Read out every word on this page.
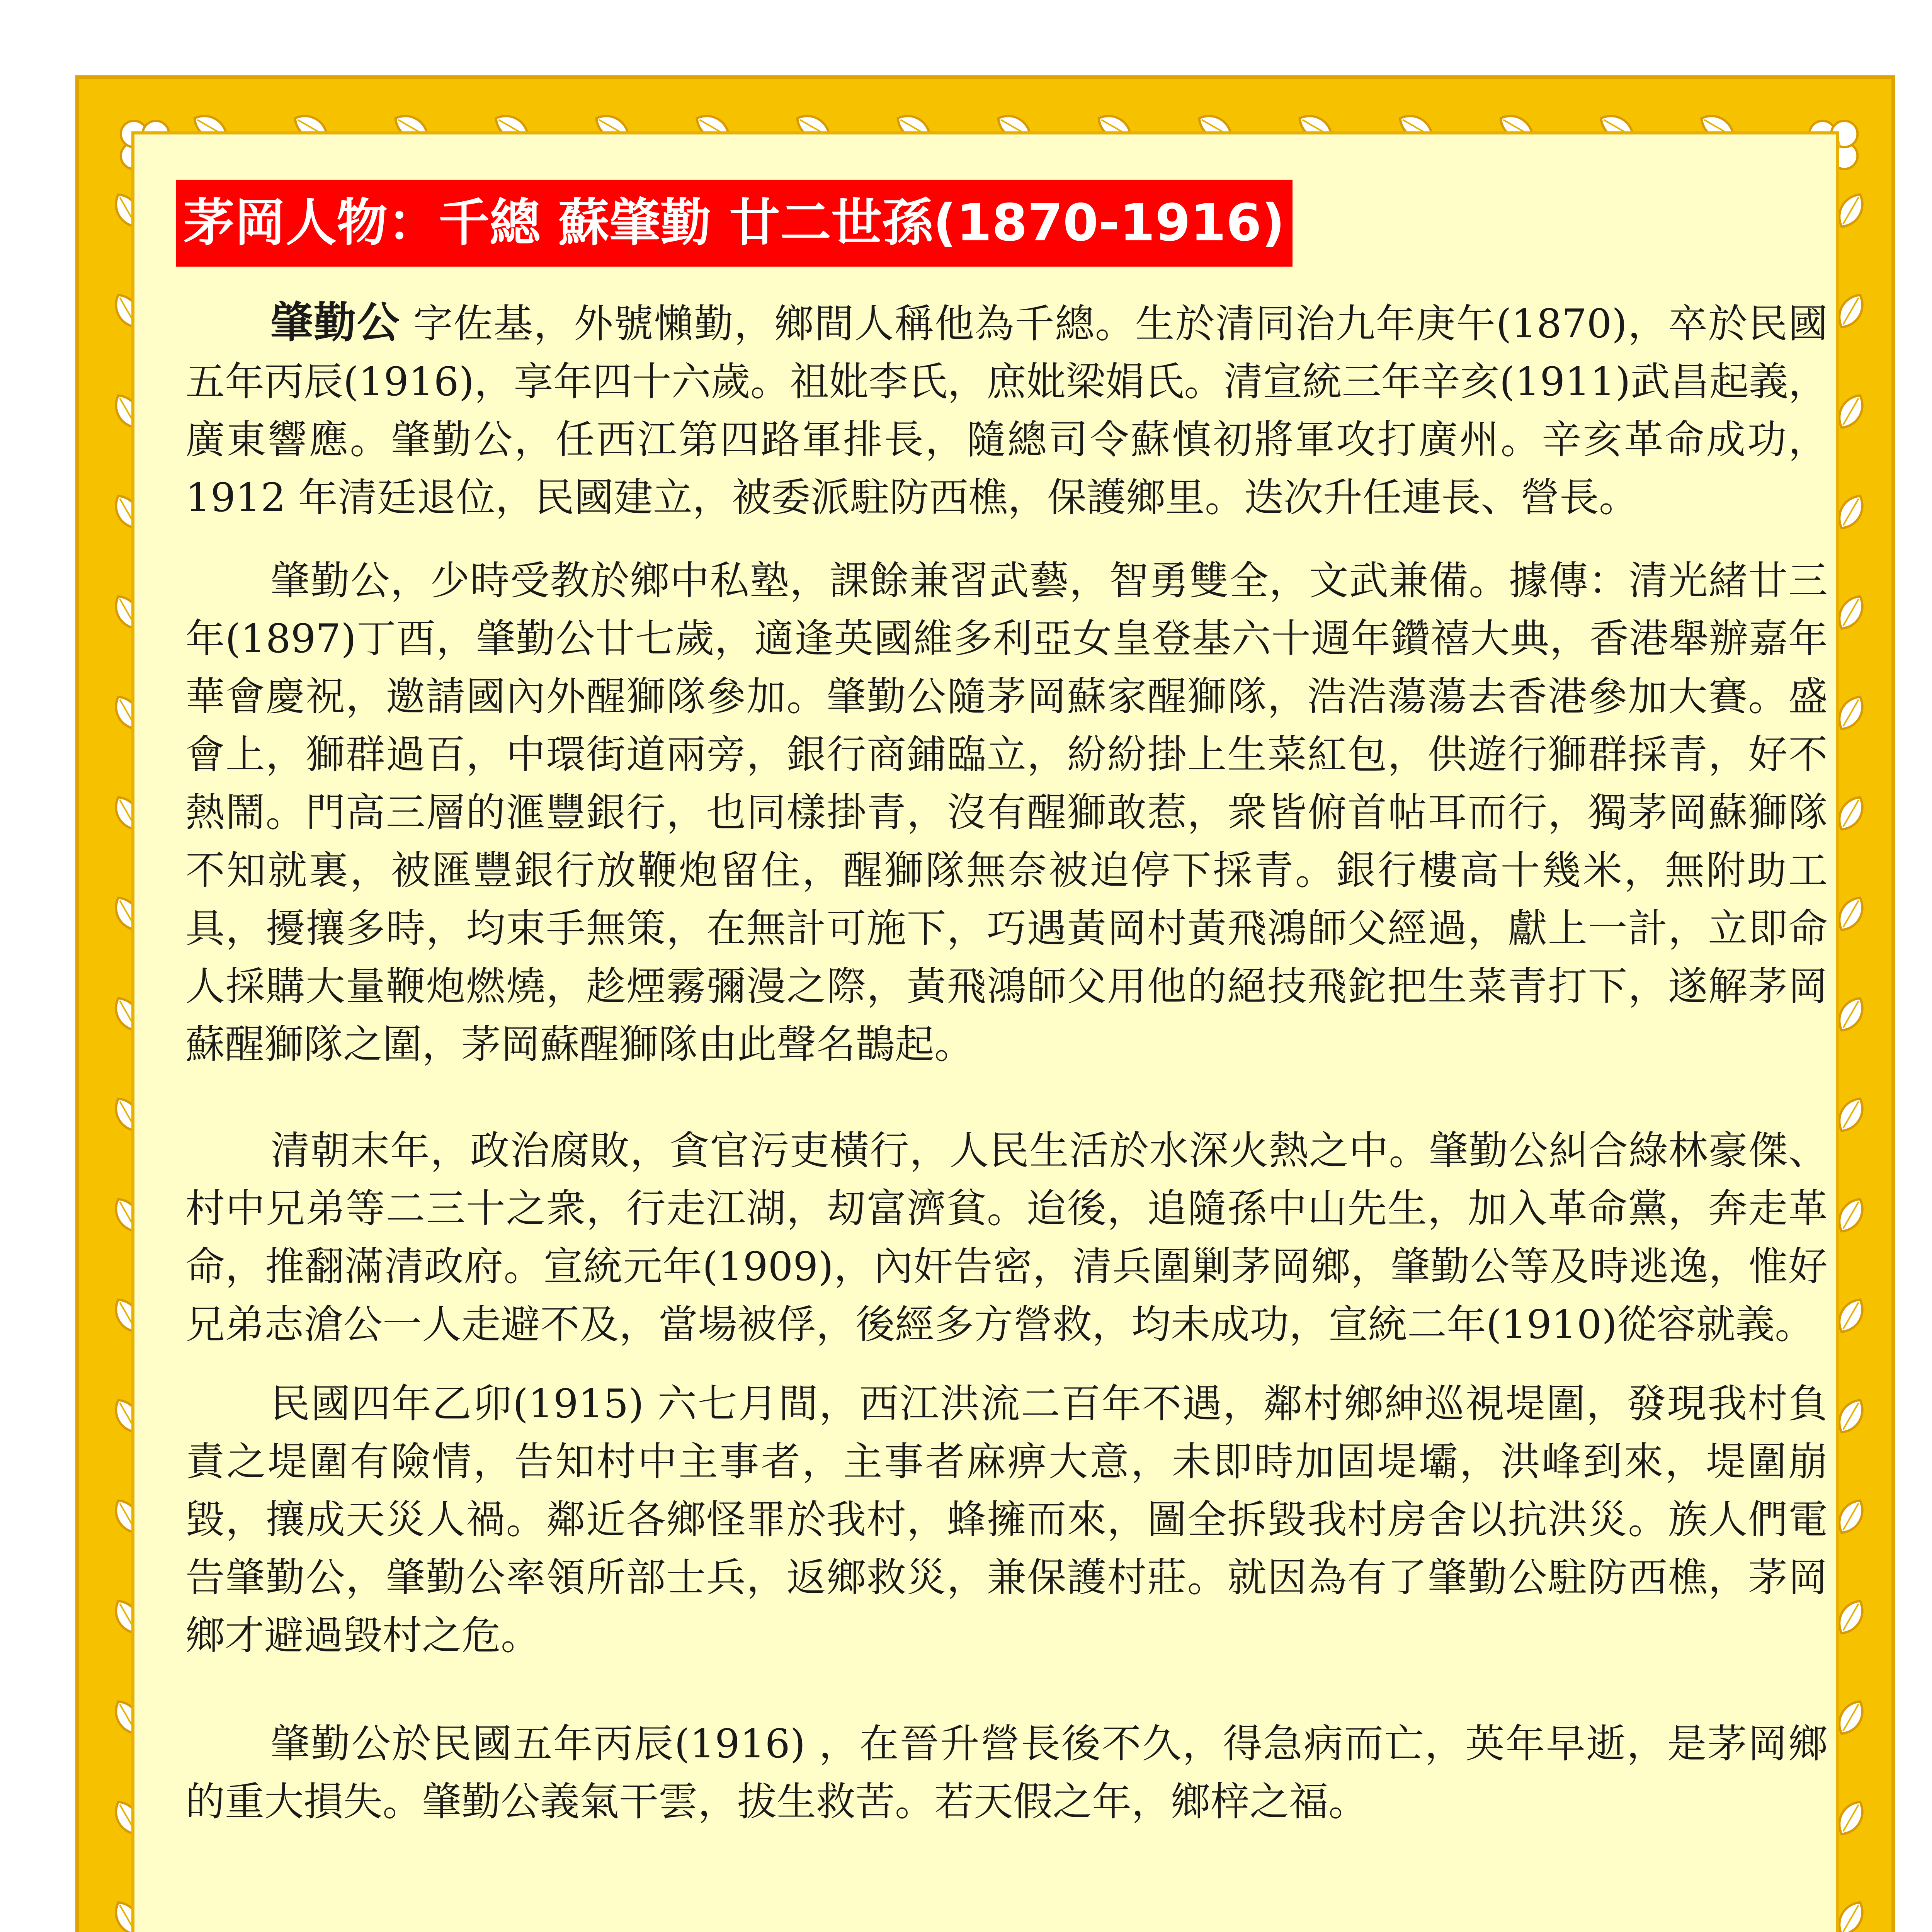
茅岡人物：千總 蘇肇勤 廿二世孫(1870-1916)

肇勤公 字佐基，外號懶勤，鄉間人稱他為千總。生於清同治九年庚午(1870)，卒於民國五年丙辰(1916)，享年四十六歲。祖妣李氏，庶妣梁娟氏。清宣統三年辛亥(1911)武昌起義，廣東響應。肇勤公，任西江第四路軍排長，隨總司令蘇慎初將軍攻打廣州。辛亥革命成功，1912 年清廷退位，民國建立，被委派駐防西樵，保護鄉里。迭次升任連長、營長。

肇勤公，少時受教於鄉中私塾，課餘兼習武藝，智勇雙全，文武兼備。據傳：清光緒廿三年(1897)丁酉，肇勤公廿七歲，適逢英國維多利亞女皇登基六十週年鑽禧大典，香港舉辦嘉年華會慶祝，邀請國內外醒獅隊參加。肇勤公隨茅岡蘇家醒獅隊，浩浩蕩蕩去香港參加大賽。盛會上，獅群過百，中環街道兩旁，銀行商鋪臨立，紛紛掛上生菜紅包，供遊行獅群採青，好不熱鬧。門高三層的滙豐銀行，也同樣掛青，沒有醒獅敢惹，衆皆俯首帖耳而行，獨茅岡蘇獅隊不知就裏，被匯豐銀行放鞭炮留住，醒獅隊無奈被迫停下採青。銀行樓高十幾米，無附助工具，擾攘多時，均束手無策，在無計可施下，巧遇黃岡村黃飛鴻師父經過，獻上一計，立即命人採購大量鞭炮燃燒，趁煙霧彌漫之際，黃飛鴻師父用他的絕技飛鉈把生菜青打下，遂解茅岡蘇醒獅隊之圍，茅岡蘇醒獅隊由此聲名鵲起。

清朝末年，政治腐敗，貪官污吏橫行，人民生活於水深火熱之中。肇勤公糾合綠林豪傑、村中兄弟等二三十之衆，行走江湖，刧富濟貧。迨後，追隨孫中山先生，加入革命黨，奔走革命，推翻滿清政府。宣統元年(1909)，內奸告密，清兵圍剿茅岡鄉，肇勤公等及時逃逸，惟好兄弟志滄公一人走避不及，當場被俘，後經多方營救，均未成功，宣統二年(1910)從容就義。

民國四年乙卯(1915) 六七月間，西江洪流二百年不遇，鄰村鄉紳巡視堤圍，發現我村負責之堤圍有險情，告知村中主事者，主事者麻痹大意，未即時加固堤壩，洪峰到來，堤圍崩毀，攘成天災人禍。鄰近各鄉怪罪於我村，蜂擁而來，圖全拆毀我村房舍以抗洪災。族人們電告肇勤公，肇勤公率領所部士兵，返鄉救災，兼保護村莊。就因為有了肇勤公駐防西樵，茅岡鄉才避過毀村之危。

肇勤公於民國五年丙辰(1916) ，在晉升營長後不久，得急病而亡，英年早逝，是茅岡鄉的重大損失。肇勤公義氣干雲，拔生救苦。若天假之年，鄉梓之福。
